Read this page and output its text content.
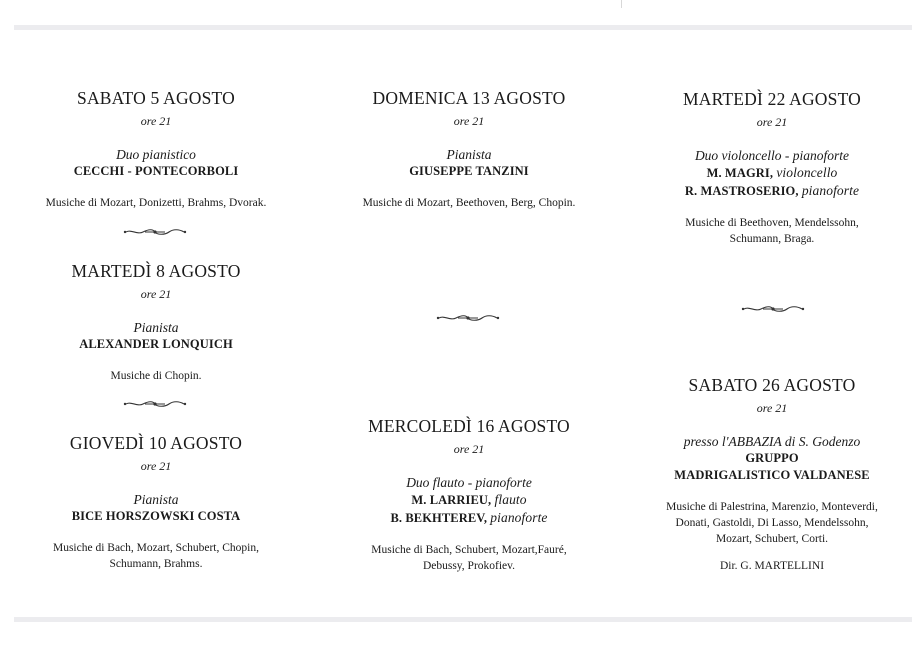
SABATO 5 AGOSTO
ore 21
Duo pianistico
CECCHI - PONTECORBOLI
Musiche di Mozart, Donizetti, Brahms, Dvorak.
MARTEDÌ 8 AGOSTO
ore 21
Pianista
ALEXANDER LONQUICH
Musiche di Chopin.
GIOVEDÌ 10 AGOSTO
ore 21
Pianista
BICE HORSZOWSKI COSTA
Musiche di Bach, Mozart, Schubert, Chopin,
Schumann, Brahms.
DOMENICA 13 AGOSTO
ore 21
Pianista
GIUSEPPE TANZINI
Musiche di Mozart, Beethoven, Berg, Chopin.
MERCOLEDÌ 16 AGOSTO
ore 21
Duo flauto - pianoforte
M. LARRIEU, flauto
B. BEKHTEREV, pianoforte
Musiche di Bach, Schubert, Mozart,Fauré,
Debussy, Prokofiev.
MARTEDÌ 22 AGOSTO
ore 21
Duo violoncello - pianoforte
M. MAGRI, violoncello
R. MASTROSERIO, pianoforte
Musiche di Beethoven, Mendelssohn,
Schumann, Braga.
SABATO 26 AGOSTO
ore 21
presso l'ABBAZIA di S. Godenzo
GRUPPO
MADRIGALISTICO VALDANESE
Musiche di Palestrina, Marenzio, Monteverdi,
Donati, Gastoldi, Di Lasso, Mendelssohn,
Mozart, Schubert, Corti.
Dir. G. MARTELLINI
